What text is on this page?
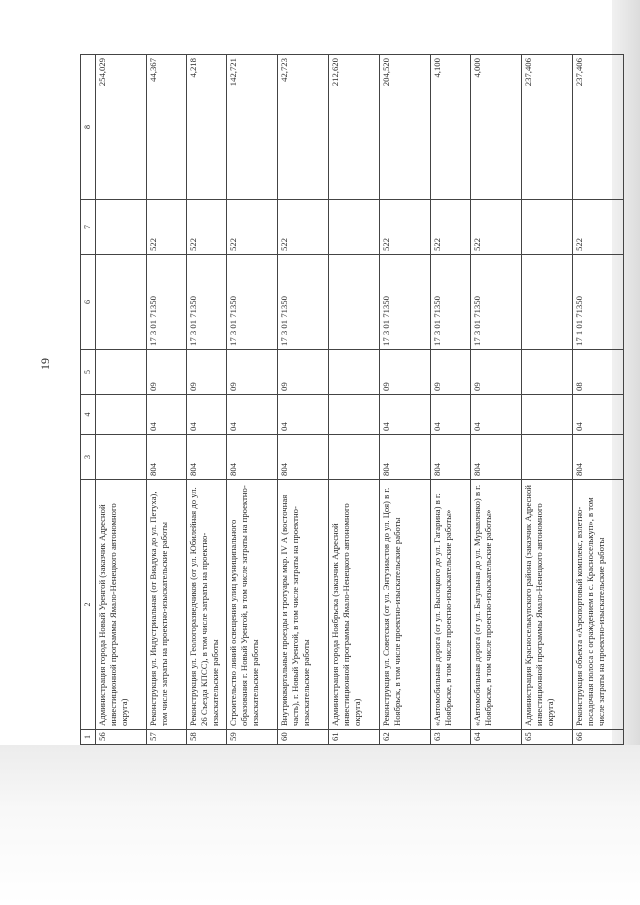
19
1	2	3	4	5	6	7	8
56	Администрация города Новый Уренгой (заказчик Адресной инвестиционной программы Ямало-Ненецкого автономного округа)						254,029
57	Реконструкция ул. Индустриальная (от Виадука до ул. Петуха), том числе затраты на проектно-изыскательские работы	804	04	09	17 3 01 71350	522	44,367
58	Реконструкция ул. Геологоразведчиков (от ул. Юбилейная до ул. 26 Съезда КПСС), в том числе затраты на проектно-изыскательские работы	804	04	09	17 3 01 71350	522	4,218
59	Строительство линий освещения улиц муниципального образования г. Новый Уренгой, в том числе затраты на проектно-изыскательские работы	804	04	09	17 3 01 71350	522	142,721
60	Внутриквартальные проезды и тротуары мкр. IV А (восточная часть), г. Новый Уренгой, в том числе затраты на проектно-изыскательские работы	804	04	09	17 3 01 71350	522	42,723
61	Администрация города Ноябрьска (заказчик Адресной инвестиционной программы Ямало-Ненецкого автономного округа)						212,620
62	Реконструкция ул. Советская (от ул. Энтузиастов до ул. Цоя) в г. Ноябрьск, в том числе проектно-изыскательские работы	804	04	09	17 3 01 71350	522	204,520
63	«Автомобильная дорога (от ул. Высоцкого до ул. Гагарина) в г. Ноябрьске, в том числе проектно-изыскательские работы»	804	04	09	17 3 01 71350	522	4,100
64	«Автомобильная дорога (от ул. Багульная до ул. Муравленко) в г. Ноябрьске, в том числе проектно-изыскательские работы»	804	04	09	17 3 01 71350	522	4,000
65	Администрация Красноселькупского района (заказчик Адресной инвестиционной программы Ямало-Ненецкого автономного округа)						237,406
66	Реконструкция объекта «Аэропортовый комплекс, взлетно-посадочная полоса с ограждением в с. Красноселькуп», в том числе затраты на проектно-изыскательские работы	804	04	08	17 1 01 71350	522	237,406
